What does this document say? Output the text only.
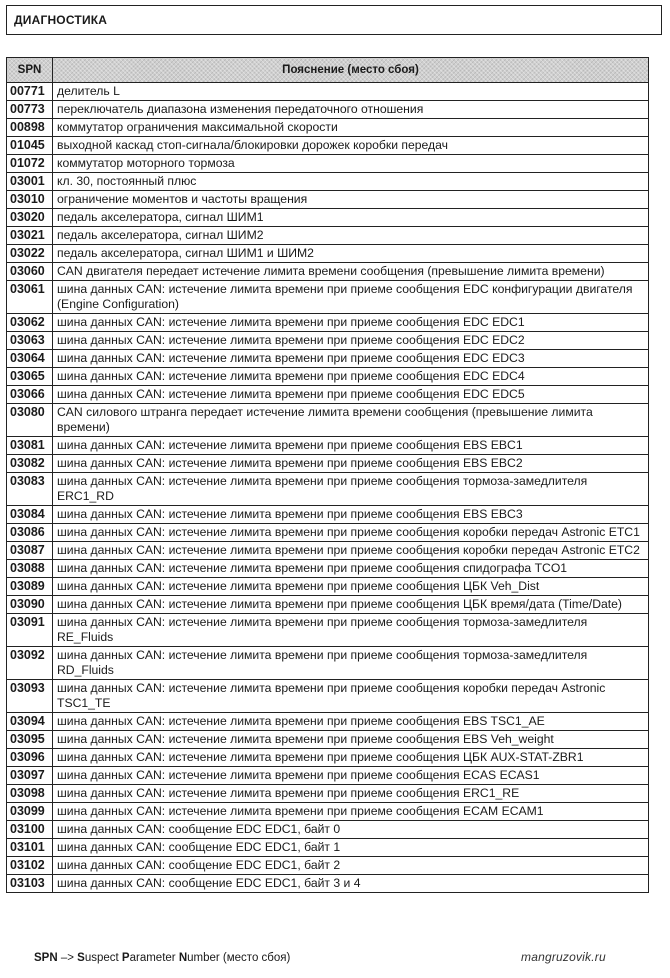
ДИАГНОСТИКА
SPN	Пояснение (место сбоя)
00771	делитель L
00773	переключатель диапазона изменения передаточного отношения
00898	коммутатор ограничения максимальной скорости
01045	выходной каскад стоп-сигнала/блокировки дорожек коробки передач
01072	коммутатор моторного тормоза
03001	кл. 30, постоянный плюс
03010	ограничение моментов и частоты вращения
03020	педаль акселератора, сигнал ШИМ1
03021	педаль акселератора, сигнал ШИМ2
03022	педаль акселератора, сигнал ШИМ1 и ШИМ2
03060	CAN двигателя передает истечение лимита времени сообщения (превышение лимита времени)
03061	шина данных CAN: истечение лимита времени при приеме сообщения EDC конфигурации двигателя (Engine Configuration)
03062	шина данных CAN: истечение лимита времени при приеме сообщения EDC EDC1
03063	шина данных CAN: истечение лимита времени при приеме сообщения EDC EDC2
03064	шина данных CAN: истечение лимита времени при приеме сообщения EDC EDC3
03065	шина данных CAN: истечение лимита времени при приеме сообщения EDC EDC4
03066	шина данных CAN: истечение лимита времени при приеме сообщения EDC EDC5
03080	CAN силового штранга передает истечение лимита времени сообщения (превышение лимита времени)
03081	шина данных CAN: истечение лимита времени при приеме сообщения EBS EBC1
03082	шина данных CAN: истечение лимита времени при приеме сообщения EBS EBC2
03083	шина данных CAN: истечение лимита времени при приеме сообщения тормоза-замедлителя ERC1_RD
03084	шина данных CAN: истечение лимита времени при приеме сообщения EBS EBC3
03086	шина данных CAN: истечение лимита времени при приеме сообщения коробки передач Astronic ETC1
03087	шина данных CAN: истечение лимита времени при приеме сообщения коробки передач Astronic ETC2
03088	шина данных CAN: истечение лимита времени при приеме сообщения спидографа TCO1
03089	шина данных CAN: истечение лимита времени при приеме сообщения ЦБК Veh_Dist
03090	шина данных CAN: истечение лимита времени при приеме сообщения ЦБК время/дата (Time/Date)
03091	шина данных CAN: истечение лимита времени при приеме сообщения тормоза-замедлителя RE_Fluids
03092	шина данных CAN: истечение лимита времени при приеме сообщения тормоза-замедлителя RD_Fluids
03093	шина данных CAN: истечение лимита времени при приеме сообщения коробки передач Astronic TSC1_TE
03094	шина данных CAN: истечение лимита времени при приеме сообщения EBS TSC1_AE
03095	шина данных CAN: истечение лимита времени при приеме сообщения EBS Veh_weight
03096	шина данных CAN: истечение лимита времени при приеме сообщения ЦБК AUX-STAT-ZBR1
03097	шина данных CAN: истечение лимита времени при приеме сообщения ECAS ECAS1
03098	шина данных CAN: истечение лимита времени при приеме сообщения ERC1_RE
03099	шина данных CAN: истечение лимита времени при приеме сообщения ECAM ECAM1
03100	шина данных CAN: сообщение EDC EDC1, байт 0
03101	шина данных CAN: сообщение EDC EDC1, байт 1
03102	шина данных CAN: сообщение EDC EDC1, байт 2
03103	шина данных CAN: сообщение EDC EDC1, байт 3 и 4
SPN –> Suspect Parameter Number (место сбоя)	mangruzovik.ru
